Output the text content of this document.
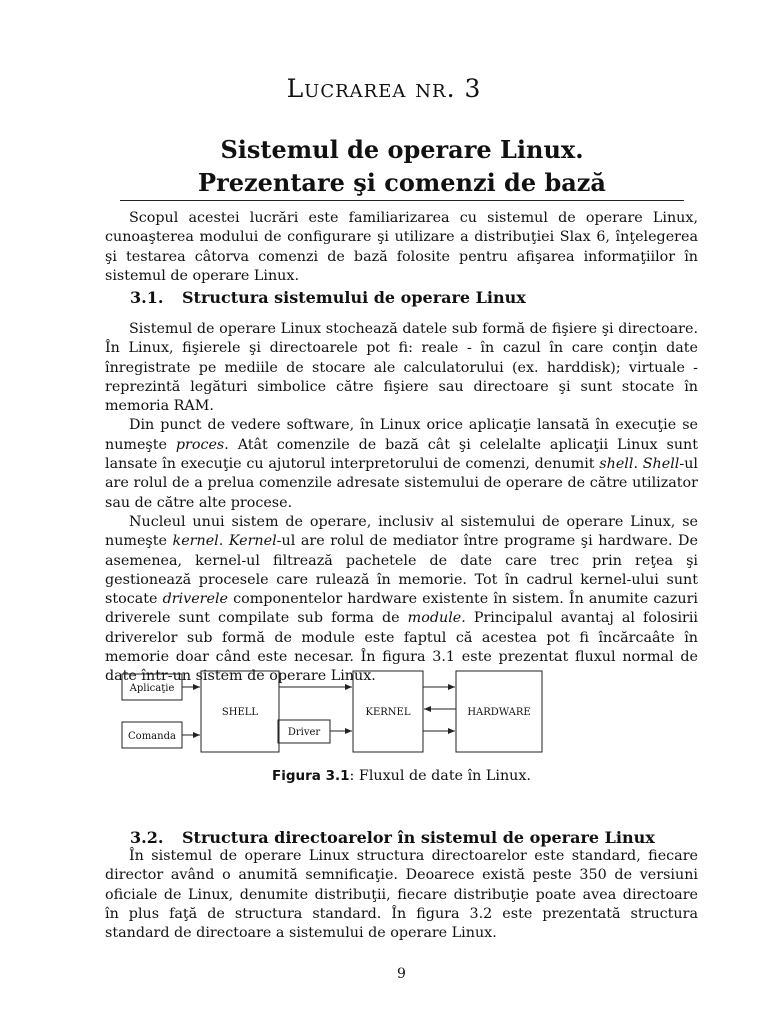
Lucrarea nr. 3
Sistemul de operare Linux.
Prezentare şi comenzi de bază

Scopul acestei lucrări este familiarizarea cu sistemul de operare Linux, cunoaşterea modului de configurare şi utilizare a distribuţiei Slax 6, înţelegerea şi testarea câtorva comenzi de bază folosite pentru afişarea informaţiilor în sistemul de operare Linux.

3.1. Structura sistemului de operare Linux

Sistemul de operare Linux stochează datele sub formă de fişiere şi directoare. În Linux, fişierele şi directoarele pot fi: reale - în cazul în care conţin date înregistrate pe mediile de stocare ale calculatorului (ex. harddisk); virtuale - reprezintă legături simbolice către fişiere sau directoare şi sunt stocate în memoria RAM.

Din punct de vedere software, în Linux orice aplicaţie lansată în execuţie se numeşte proces. Atât comenzile de bază cât şi celelalte aplicaţii Linux sunt lansate în execuţie cu ajutorul interpretorului de comenzi, denumit shell. Shell-ul are rolul de a prelua comenzile adresate sistemului de operare de către utilizator sau de către alte procese.

Nucleul unui sistem de operare, inclusiv al sistemului de operare Linux, se numeşte kernel. Kernel-ul are rolul de mediator între programe şi hardware. De asemenea, kernel-ul filtrează pachetele de date care trec prin reţea şi gestionează procesele care rulează în memorie. Tot în cadrul kernel-ului sunt stocate driverele componentelor hardware existente în sistem. În anumite cazuri driverele sunt compilate sub forma de module. Principalul avantaj al folosirii driverelor sub formă de module este faptul că acestea pot fi încărcaâte în memorie doar când este necesar. În figura 3.1 este prezentat fluxul normal de date într-un sistem de operare Linux.

Aplicaţie
Comanda
SHELL
Driver
KERNEL	HARDWARE
Figura 3.1: Fluxul de date în Linux.
3.2. Structura directoarelor în sistemul de operare Linux

În sistemul de operare Linux structura directoarelor este standard, fiecare director având o anumită semnificaţie. Deoarece există peste 350 de versiuni oficiale de Linux, denumite distribuţii, fiecare distribuţie poate avea directoare în plus faţă de structura standard. În figura 3.2 este prezentată structura standard de directoare a sistemului de operare Linux.

9
